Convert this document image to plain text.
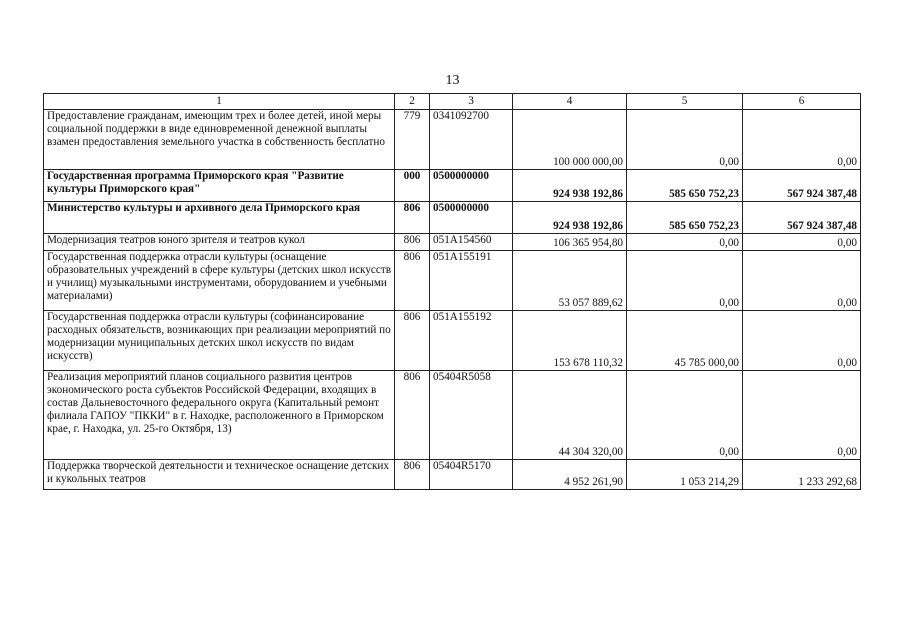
13
1	2	3	4	5	6
Предоставление гражданам, имеющим трех и более детей, иной меры социальной поддержки в виде единовременной денежной выплаты взамен предоставления земельного участка в собственность бесплатно	779	0341092700	100 000 000,00	0,00	0,00
Государственная программа Приморского края "Развитие культуры Приморского края"	000	0500000000	924 938 192,86	585 650 752,23	567 924 387,48
Министерство культуры и архивного дела Приморского края	806	0500000000	924 938 192,86	585 650 752,23	567 924 387,48
Модернизация театров юного зрителя и театров кукол	806	051A154560	106 365 954,80	0,00	0,00
Государственная поддержка отрасли культуры (оснащение образовательных учреждений в сфере культуры (детских школ искусств и училищ) музыкальными инструментами, оборудованием и учебными материалами)	806	051A155191	53 057 889,62	0,00	0,00
Государственная поддержка отрасли культуры (софинансирование расходных обязательств, возникающих при реализации мероприятий по модернизации муниципальных детских школ искусств по видам искусств)	806	051A155192	153 678 110,32	45 785 000,00	0,00
Реализация мероприятий планов социального развития центров экономического роста субъектов Российской Федерации, входящих в состав Дальневосточного федерального округа (Капитальный ремонт филиала ГАПОУ "ПККИ" в г. Находке, расположенного в Приморском крае, г. Находка, ул. 25-го Октября, 13)	806	05404R5058	44 304 320,00	0,00	0,00
Поддержка творческой деятельности и техническое оснащение детских и кукольных театров	806	05404R5170	4 952 261,90	1 053 214,29	1 233 292,68
